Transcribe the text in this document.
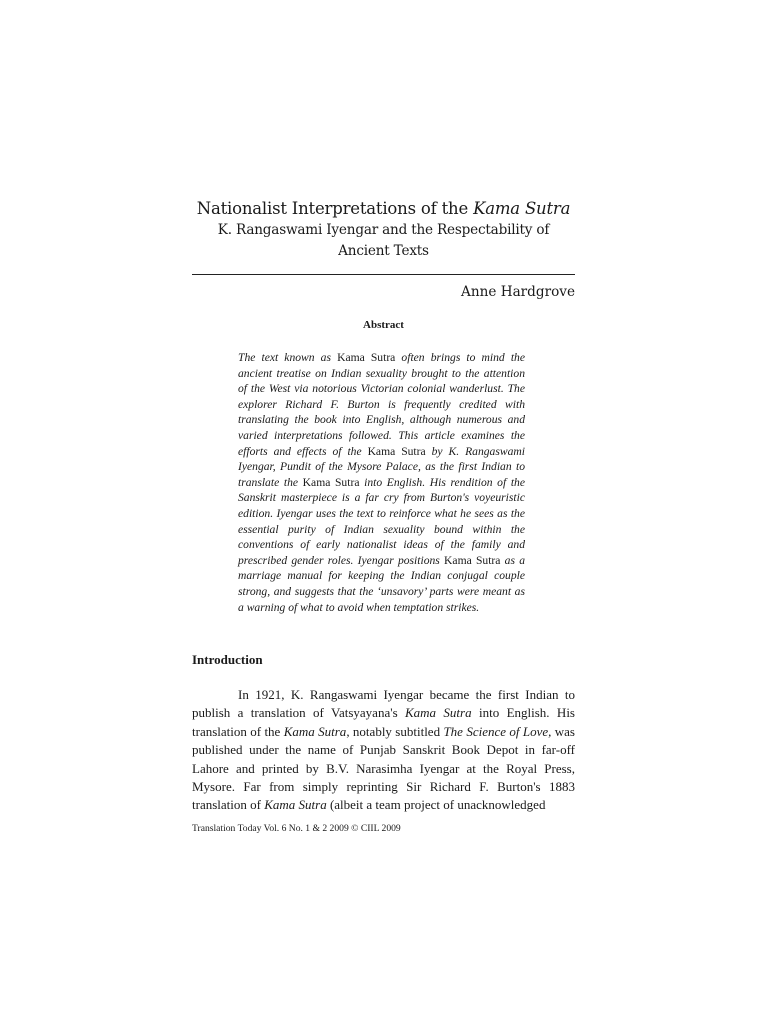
Nationalist Interpretations of the Kama Sutra
K. Rangaswami Iyengar and the Respectability of
Ancient Texts
Anne Hardgrove
Abstract
The text known as Kama Sutra often brings to mind the ancient treatise on Indian sexuality brought to the attention of the West via notorious Victorian colonial wanderlust. The explorer Richard F. Burton is frequently credited with translating the book into English, although numerous and varied interpretations followed. This article examines the efforts and effects of the Kama Sutra by K. Rangaswami Iyengar, Pundit of the Mysore Palace, as the first Indian to translate the Kama Sutra into English. His rendition of the Sanskrit masterpiece is a far cry from Burton's voyeuristic edition. Iyengar uses the text to reinforce what he sees as the essential purity of Indian sexuality bound within the conventions of early nationalist ideas of the family and prescribed gender roles. Iyengar positions Kama Sutra as a marriage manual for keeping the Indian conjugal couple strong, and suggests that the ‘unsavory’ parts were meant as a warning of what to avoid when temptation strikes.
Introduction
In 1921, K. Rangaswami Iyengar became the first Indian to publish a translation of Vatsyayana's Kama Sutra into English. His translation of the Kama Sutra, notably subtitled The Science of Love, was published under the name of Punjab Sanskrit Book Depot in far-off Lahore and printed by B.V. Narasimha Iyengar at the Royal Press, Mysore. Far from simply reprinting Sir Richard F. Burton's 1883 translation of Kama Sutra (albeit a team project of unacknowledged
Translation Today Vol. 6 No. 1 & 2 2009 © CIIL 2009
